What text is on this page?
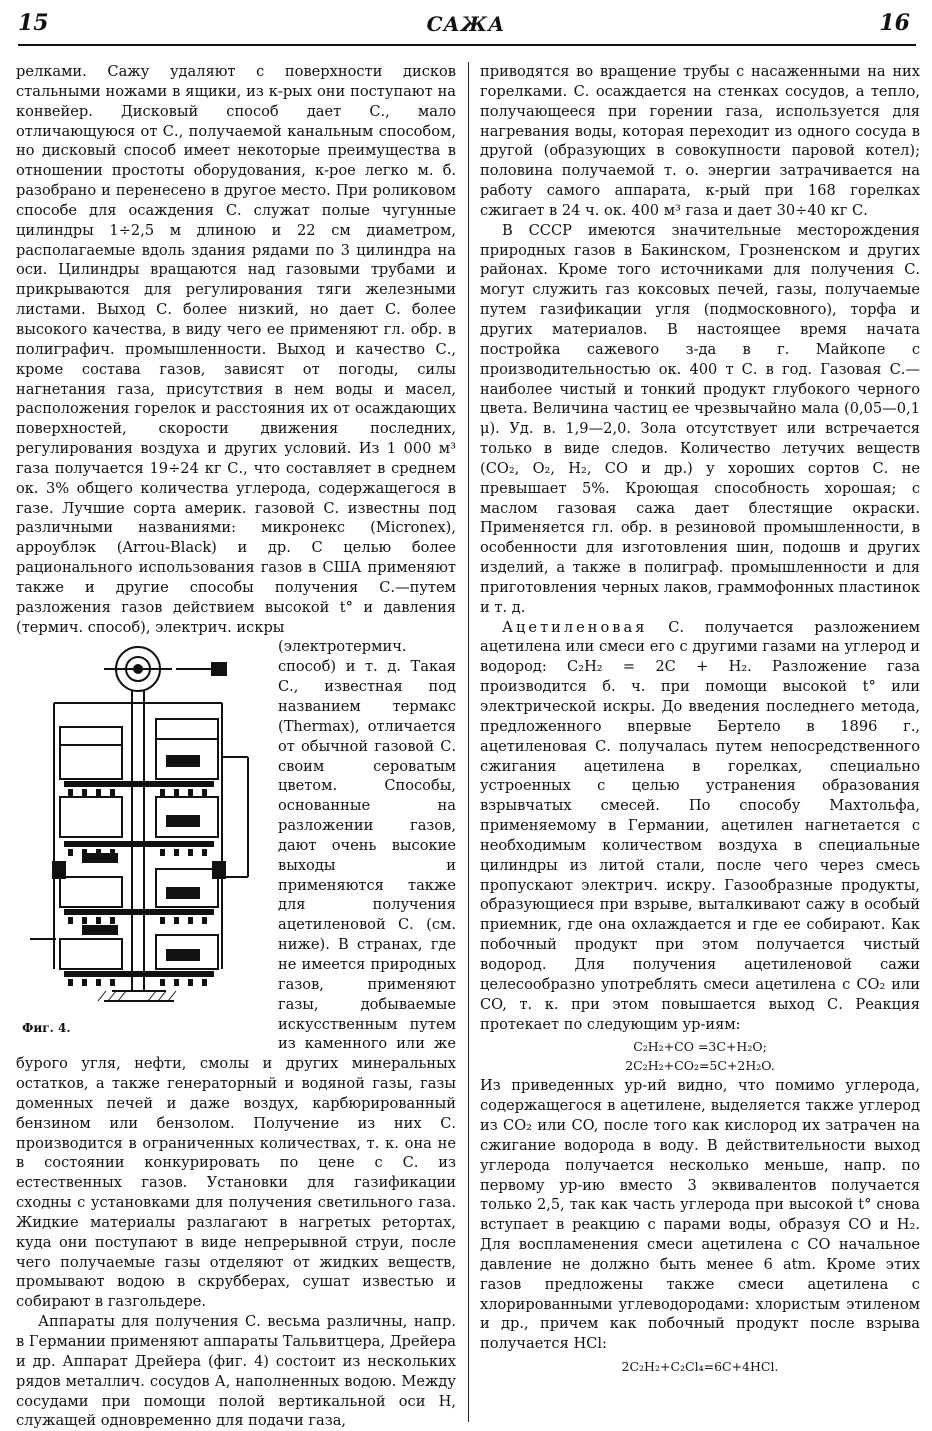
15	САЖА	16

релками. Сажу удаляют с поверхности дисков стальными ножами в ящики, из к-рых они поступают на конвейер. Дисковый способ дает С., мало отличающуюся от С., получаемой канальным способом, но дисковый способ имеет некоторые преимущества в отношении простоты оборудования, к-рое легко м. б. разобрано и перенесено в другое место. При роликовом способе для осаждения С. служат полые чугунные цилиндры 1÷2,5 м длиною и 22 см диаметром, располагаемые вдоль здания рядами по 3 цилиндра на оси. Цилиндры вращаются над газовыми трубами и прикрываются для регулирования тяги железными листами. Выход С. более низкий, но дает С. более высокого качества, в виду чего ее применяют гл. обр. в полиграфич. промышленности. Выход и качество С., кроме состава газов, зависят от погоды, силы нагнетания газа, присутствия в нем воды и масел, расположения горелок и расстояния их от осаждающих поверхностей, скорости движения последних, регулирования воздуха и других условий. Из 1 000 м³ газа получается 19÷24 кг С., что составляет в среднем ок. 3% общего количества углерода, содержащегося в газе. Лучшие сорта америк. газовой С. известны под различными названиями: микронекс (Micronex), арроублэк (Arrou-Black) и др. С целью более рационального использования газов в США применяют также и другие способы получения С.—путем разложения газов действием высокой t° и давления (термич. способ), электрич. искры

Фиг. 4.

(электротермич. способ) и т. д. Такая С., известная под названием термакс (Thermax), отличается от обычной газовой С. своим сероватым цветом. Способы, основанные на разложении газов, дают очень высокие выходы и применяются также для получения ацетиленовой С. (см. ниже). В странах, где не имеется природных газов, применяют газы, добываемые искусственным путем из каменного или же бурого угля, нефти, смолы и других минеральных остатков, а также генераторный и водяной газы, газы доменных печей и даже воздух, карбюрированный бензином или бензолом. Получение из них С. производится в ограниченных количествах, т. к. она не в состоянии конкурировать по цене с С. из естественных газов. Установки для газификации сходны с установками для получения светильного газа. Жидкие материалы разлагают в нагретых ретортах, куда они поступают в виде непрерывной струи, после чего получаемые газы отделяют от жидких веществ, промывают водою в скрубберах, сушат известью и собирают в газгольдере.

Аппараты для получения С. весьма различны, напр. в Германии применяют аппараты Тальвитцера, Дрейера и др. Аппарат Дрейера (фиг. 4) состоит из нескольких рядов металлич. сосудов А, наполненных водою. Между сосудами при помощи полой вертикальной оси Н, служащей одновременно для подачи газа,

приводятся во вращение трубы с насаженными на них горелками. С. осаждается на стенках сосудов, а тепло, получающееся при горении газа, используется для нагревания воды, которая переходит из одного сосуда в другой (образующих в совокупности паровой котел); половина получаемой т. о. энергии затрачивается на работу самого аппарата, к-рый при 168 горелках сжигает в 24 ч. ок. 400 м³ газа и дает 30÷40 кг С.

В СССР имеются значительные месторождения природных газов в Бакинском, Грозненском и других районах. Кроме того источниками для получения С. могут служить газ коксовых печей, газы, получаемые путем газификации угля (подмосковного), торфа и других материалов. В настоящее время начата постройка сажевого з-да в г. Майкопе с производительностью ок. 400 т С. в год. Газовая С.—наиболее чистый и тонкий продукт глубокого черного цвета. Величина частиц ее чрезвычайно мала (0,05—0,1 μ). Уд. в. 1,9—2,0. Зола отсутствует или встречается только в виде следов. Количество летучих веществ (CO₂, O₂, H₂, CO и др.) у хороших сортов С. не превышает 5%. Кроющая способность хорошая; с маслом газовая сажа дает блестящие окраски. Применяется гл. обр. в резиновой промышленности, в особенности для изготовления шин, подошв и других изделий, а также в полиграф. промышленности и для приготовления черных лаков, граммофонных пластинок и т. д.

Ацетиленовая С. получается разложением ацетилена или смеси его с другими газами на углерод и водород: C₂H₂ = 2C + H₂. Разложение газа производится б. ч. при помощи высокой t° или электрической искры. До введения последнего метода, предложенного впервые Бертело в 1896 г., ацетиленовая С. получалась путем непосредственного сжигания ацетилена в горелках, специально устроенных с целью устранения образования взрывчатых смесей. По способу Махтольфа, применяемому в Германии, ацетилен нагнетается с необходимым количеством воздуха в специальные цилиндры из литой стали, после чего через смесь пропускают электрич. искру. Газообразные продукты, образующиеся при взрыве, выталкивают сажу в особый приемник, где она охлаждается и где ее собирают. Как побочный продукт при этом получается чистый водород. Для получения ацетиленовой сажи целесообразно употреблять смеси ацетилена с CO₂ или CO, т. к. при этом повышается выход С. Реакция протекает по следующим ур-иям:

C₂H₂+CO =3C+H₂O;
2C₂H₂+CO₂=5C+2H₂O.

Из приведенных ур-ий видно, что помимо углерода, содержащегося в ацетилене, выделяется также углерод из CO₂ или CO, после того как кислород их затрачен на сжигание водорода в воду. В действительности выход углерода получается несколько меньше, напр. по первому ур-ию вместо 3 эквивалентов получается только 2,5, так как часть углерода при высокой t° снова вступает в реакцию с парами воды, образуя CO и H₂. Для воспламенения смеси ацетилена с CO начальное давление не должно быть менее 6 atm. Кроме этих газов предложены также смеси ацетилена с хлорированными углеводородами: хлористым этиленом и др., причем как побочный продукт после взрыва получается HCl:

2C₂H₂+C₂Cl₄=6C+4HCl.
